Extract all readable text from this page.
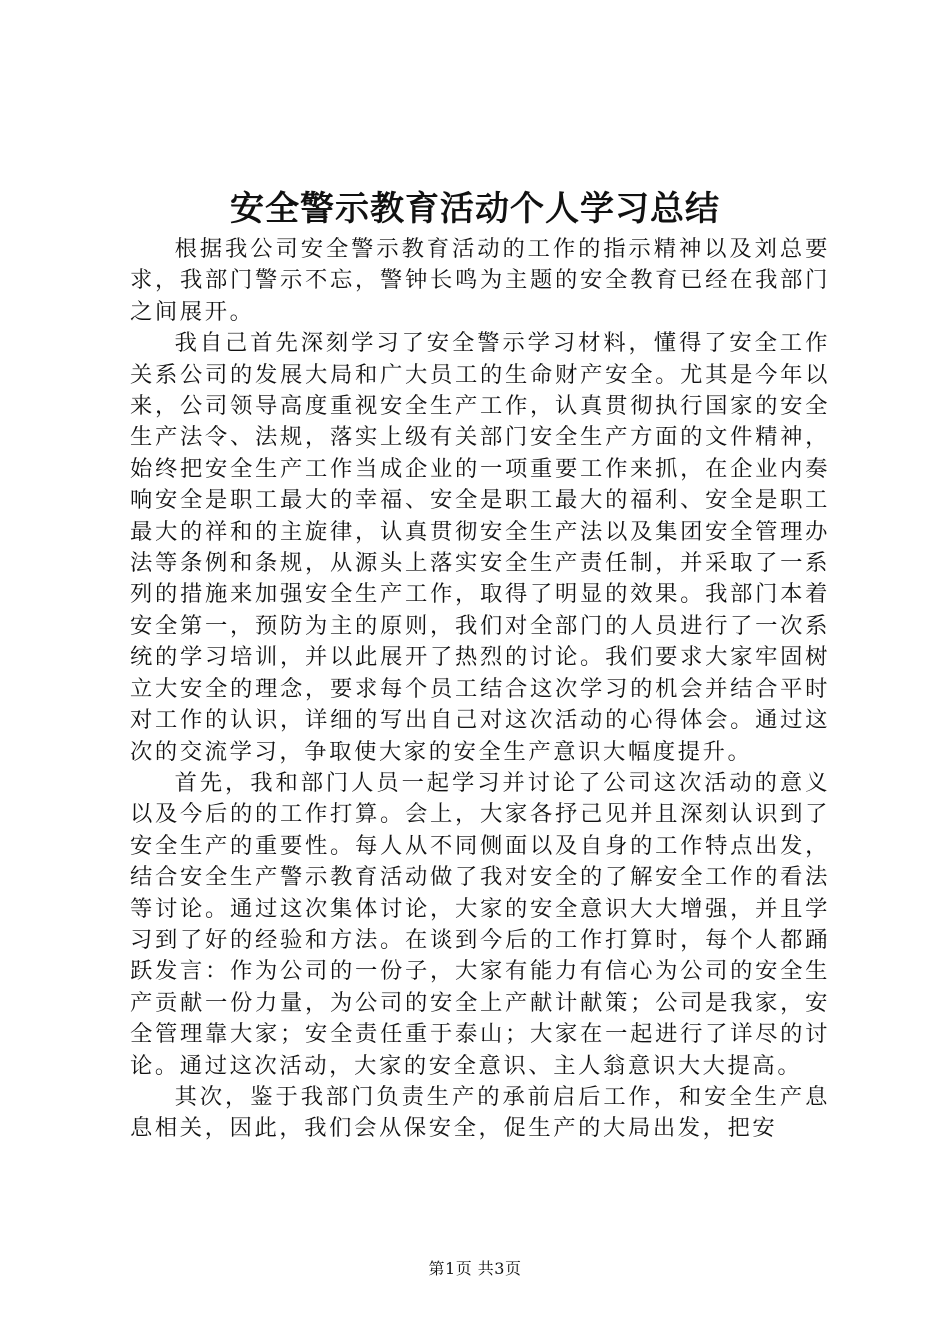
安全警示教育活动个人学习总结

根据我公司安全警示教育活动的工作的指示精神以及刘总要求，我部门警示不忘，警钟长鸣为主题的安全教育已经在我部门之间展开。

我自己首先深刻学习了安全警示学习材料，懂得了安全工作关系公司的发展大局和广大员工的生命财产安全。尤其是今年以来，公司领导高度重视安全生产工作，认真贯彻执行国家的安全生产法令、法规，落实上级有关部门安全生产方面的文件精神，始终把安全生产工作当成企业的一项重要工作来抓，在企业内奏响安全是职工最大的幸福、安全是职工最大的福利、安全是职工最大的祥和的主旋律，认真贯彻安全生产法以及集团安全管理办法等条例和条规，从源头上落实安全生产责任制，并采取了一系列的措施来加强安全生产工作，取得了明显的效果。我部门本着安全第一，预防为主的原则，我们对全部门的人员进行了一次系统的学习培训，并以此展开了热烈的讨论。我们要求大家牢固树立大安全的理念，要求每个员工结合这次学习的机会并结合平时对工作的认识，详细的写出自己对这次活动的心得体会。通过这次的交流学习，争取使大家的安全生产意识大幅度提升。

首先，我和部门人员一起学习并讨论了公司这次活动的意义以及今后的的工作打算。会上，大家各抒己见并且深刻认识到了安全生产的重要性。每人从不同侧面以及自身的工作特点出发，结合安全生产警示教育活动做了我对安全的了解安全工作的看法等讨论。通过这次集体讨论，大家的安全意识大大增强，并且学习到了好的经验和方法。在谈到今后的工作打算时，每个人都踊跃发言：作为公司的一份子，大家有能力有信心为公司的安全生产贡献一份力量，为公司的安全上产献计献策；公司是我家，安全管理靠大家；安全责任重于泰山；大家在一起进行了详尽的讨论。通过这次活动，大家的安全意识、主人翁意识大大提高。

其次，鉴于我部门负责生产的承前启后工作，和安全生产息息相关，因此，我们会从保安全，促生产的大局出发，把安

第1页 共3页
